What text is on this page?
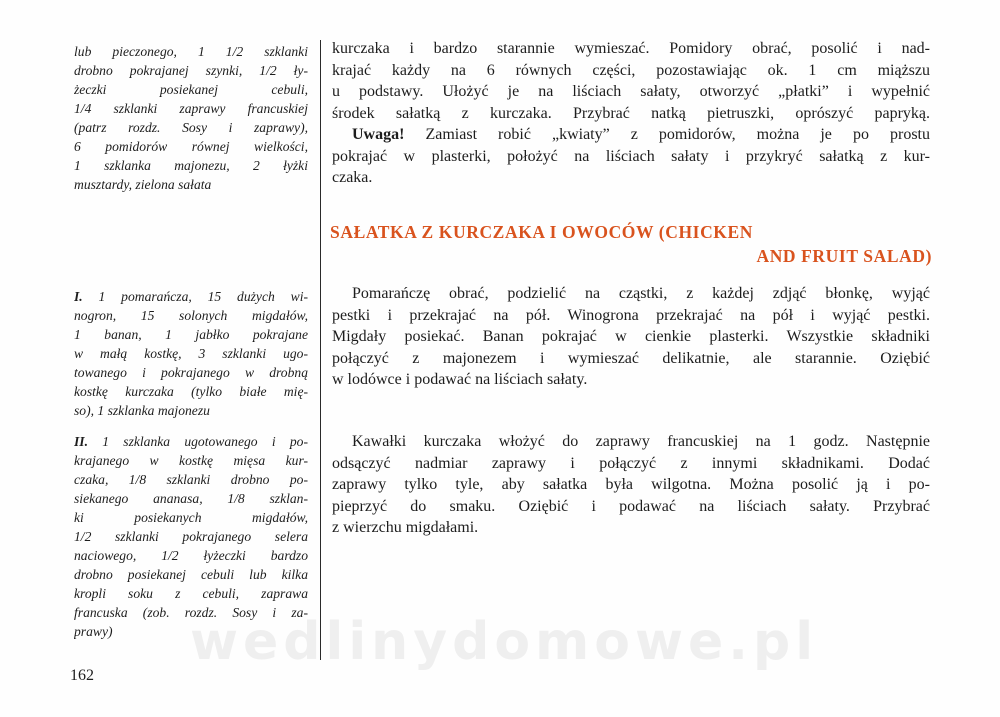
lub pieczonego, 1 1/2 szklanki
drobno pokrajanej szynki, 1/2 ły-
żeczki posiekanej cebuli,
1/4 szklanki zaprawy francuskiej
(patrz rozdz. Sosy i zaprawy),
6 pomidorów równej wielkości,
1 szklanka majonezu, 2 łyżki
musztardy, zielona sałata
I. 1 pomarańcza, 15 dużych wi-
nogron, 15 solonych migdałów,
1 banan, 1 jabłko pokrajane
w małą kostkę, 3 szklanki ugo-
towanego i pokrajanego w drobną
kostkę kurczaka (tylko białe mię-
so), 1 szklanka majonezu
II. 1 szklanka ugotowanego i po-
krajanego w kostkę mięsa kur-
czaka, 1/8 szklanki drobno po-
siekanego ananasa, 1/8 szklan-
ki posiekanych migdałów,
1/2 szklanki pokrajanego selera
naciowego, 1/2 łyżeczki bardzo
drobno posiekanej cebuli lub kilka
kropli soku z cebuli, zaprawa
francuska (zob. rozdz. Sosy i za-
prawy)
kurczaka i bardzo starannie wymieszać. Pomidory obrać, posolić i nad-
krajać każdy na 6 równych części, pozostawiając ok. 1 cm miąższu
u podstawy. Ułożyć je na liściach sałaty, otworzyć „płatki” i wypełnić
środek sałatką z kurczaka. Przybrać natką pietruszki, oprószyć papryką.
Uwaga! Zamiast robić „kwiaty” z pomidorów, można je po prostu
pokrajać w plasterki, położyć na liściach sałaty i przykryć sałatką z kur-
czaka.
SAŁATKA Z KURCZAKA I OWOCÓW (CHICKEN
AND FRUIT SALAD)
Pomarańczę obrać, podzielić na cząstki, z każdej zdjąć błonkę, wyjąć
pestki i przekrajać na pół. Winogrona przekrajać na pół i wyjąć pestki.
Migdały posiekać. Banan pokrajać w cienkie plasterki. Wszystkie składniki
połączyć z majonezem i wymieszać delikatnie, ale starannie. Oziębić
w lodówce i podawać na liściach sałaty.
Kawałki kurczaka włożyć do zaprawy francuskiej na 1 godz. Następnie
odsączyć nadmiar zaprawy i połączyć z innymi składnikami. Dodać
zaprawy tylko tyle, aby sałatka była wilgotna. Można posolić ją i po-
pieprzyć do smaku. Oziębić i podawać na liściach sałaty. Przybrać
z wierzchu migdałami.
wedlinydomowe.pl
162
